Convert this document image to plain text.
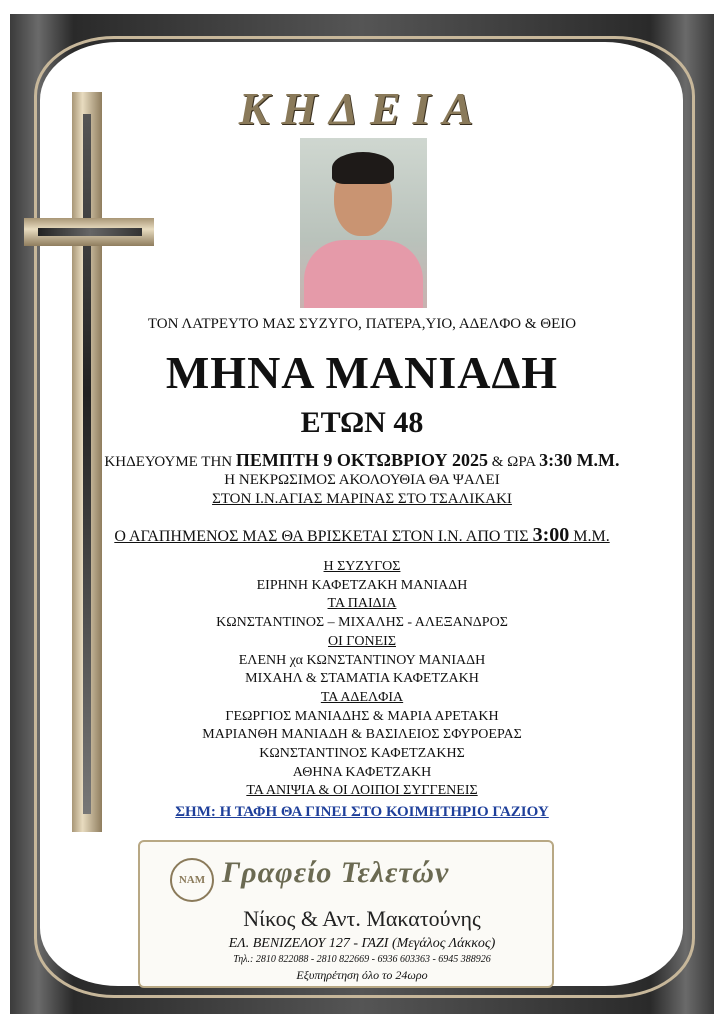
ΚΗΔΕΙΑ
ΤΟΝ ΛΑΤΡΕΥΤΟ ΜΑΣ ΣΥΖΥΓΟ, ΠΑΤΕΡΑ,ΥΙΟ, ΑΔΕΛΦΟ & ΘΕΙΟ
ΜΗΝΑ ΜΑΝΙΑΔΗ
ΕΤΩΝ 48
ΚΗΔΕΥΟΥΜΕ ΤΗΝ ΠΕΜΠΤΗ 9 ΟΚΤΩΒΡΙΟΥ 2025 & ΩΡΑ 3:30 Μ.Μ.
Η ΝΕΚΡΩΣΙΜΟΣ ΑΚΟΛΟΥΘΙΑ ΘΑ ΨΑΛΕΙ
ΣΤΟΝ Ι.Ν.ΑΓΙΑΣ ΜΑΡΙΝΑΣ ΣΤΟ ΤΣΑΛΙΚΑΚΙ
Ο ΑΓΑΠΗΜΕΝΟΣ ΜΑΣ ΘΑ ΒΡΙΣΚΕΤΑΙ ΣΤΟΝ Ι.Ν. ΑΠΟ ΤΙΣ 3:00 Μ.Μ.
Η ΣΥΖΥΓΟΣ
ΕΙΡΗΝΗ ΚΑΦΕΤΖΑΚΗ ΜΑΝΙΑΔΗ
ΤΑ ΠΑΙΔΙΑ
ΚΩΝΣΤΑΝΤΙΝΟΣ – ΜΙΧΑΛΗΣ - ΑΛΕΞΑΝΔΡΟΣ
ΟΙ ΓΟΝΕΙΣ
ΕΛΕΝΗ χα ΚΩΝΣΤΑΝΤΙΝΟΥ ΜΑΝΙΑΔΗ
ΜΙΧΑΗΛ & ΣΤΑΜΑΤΙΑ ΚΑΦΕΤΖΑΚΗ
ΤΑ ΑΔΕΛΦΙΑ
ΓΕΩΡΓΙΟΣ ΜΑΝΙΑΔΗΣ & ΜΑΡΙΑ ΑΡΕΤΑΚΗ
ΜΑΡΙΑΝΘΗ ΜΑΝΙΑΔΗ & ΒΑΣΙΛΕΙΟΣ ΣΦΥΡΟΕΡΑΣ
ΚΩΝΣΤΑΝΤΙΝΟΣ ΚΑΦΕΤΖΑΚΗΣ
ΑΘΗΝΑ ΚΑΦΕΤΖΑΚΗ
ΤΑ ΑΝΙΨΙΑ & ΟΙ ΛΟΙΠΟΙ ΣΥΓΓΕΝΕΙΣ
ΣΗΜ: Η ΤΑΦΗ ΘΑ ΓΙΝΕΙ ΣΤΟ ΚΟΙΜΗΤΗΡΙΟ ΓΑΖΙΟΥ
ΝΑΜ Γραφείο Τελετών
Νίκος & Αντ. Μακατούνης
ΕΛ. ΒΕΝΙΖΕΛΟΥ 127 - ΓΑΖΙ (Μεγάλος Λάκκος)
Τηλ.: 2810 822088 - 2810 822669 - 6936 603363 - 6945 388926
Εξυπηρέτηση όλο το 24ωρο
